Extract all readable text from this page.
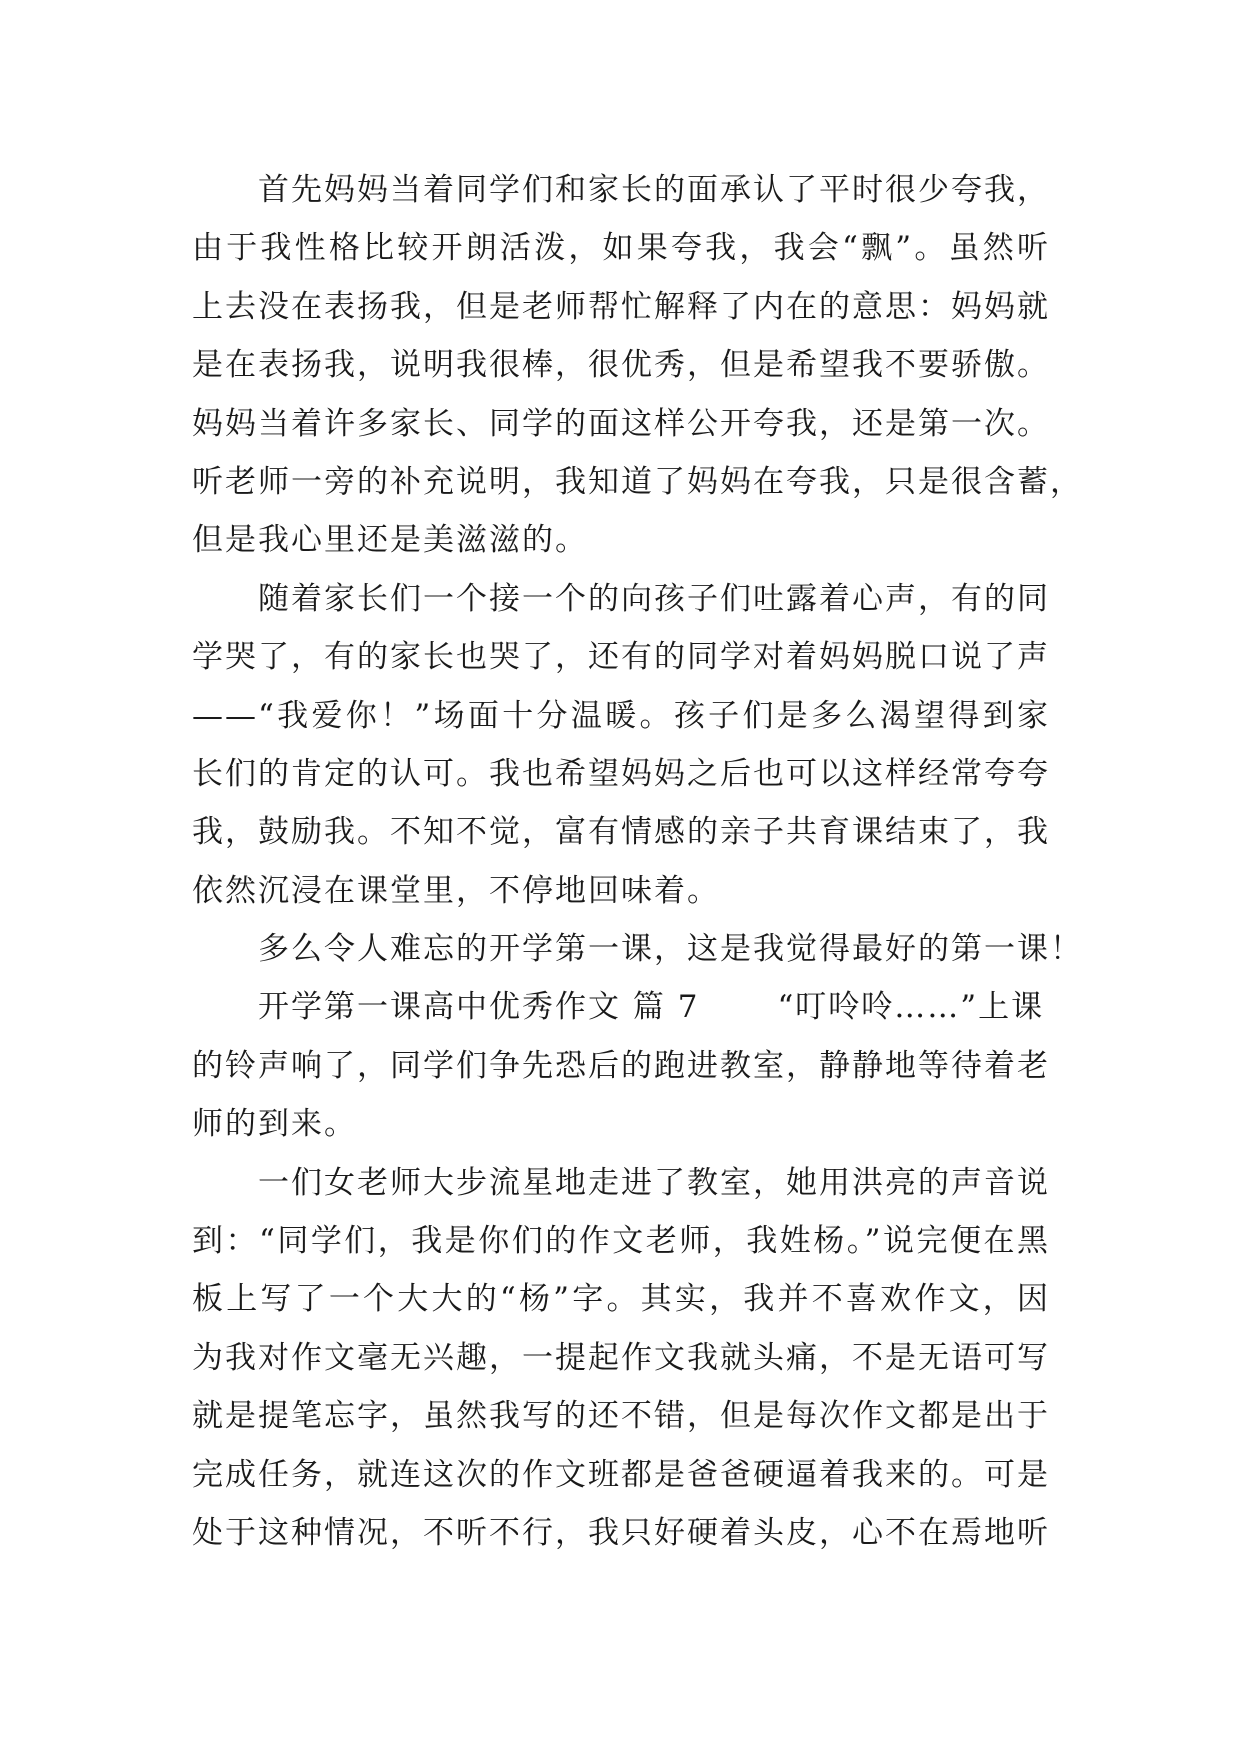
首先妈妈当着同学们和家长的面承认了平时很少夸我，
由于我性格比较开朗活泼，如果夸我，我会“飘”。虽然听
上去没在表扬我，但是老师帮忙解释了内在的意思：妈妈就
是在表扬我，说明我很棒，很优秀，但是希望我不要骄傲。
妈妈当着许多家长、同学的面这样公开夸我，还是第一次。
听老师一旁的补充说明，我知道了妈妈在夸我，只是很含蓄，
但是我心里还是美滋滋的。
随着家长们一个接一个的向孩子们吐露着心声，有的同
学哭了，有的家长也哭了，还有的同学对着妈妈脱口说了声
——“我爱你！”场面十分温暖。孩子们是多么渴望得到家
长们的肯定的认可。我也希望妈妈之后也可以这样经常夸夸
我，鼓励我。不知不觉，富有情感的亲子共育课结束了，我
依然沉浸在课堂里，不停地回味着。
多么令人难忘的开学第一课，这是我觉得最好的第一课！
开学第一课高中优秀作文 篇 7	“叮呤呤……”上课
的铃声响了，同学们争先恐后的跑进教室，静静地等待着老
师的到来。
一们女老师大步流星地走进了教室，她用洪亮的声音说
到：“同学们，我是你们的作文老师，我姓杨。”说完便在黑
板上写了一个大大的“杨”字。其实，我并不喜欢作文，因
为我对作文毫无兴趣，一提起作文我就头痛，不是无语可写
就是提笔忘字，虽然我写的还不错，但是每次作文都是出于
完成任务，就连这次的作文班都是爸爸硬逼着我来的。可是
处于这种情况，不听不行，我只好硬着头皮，心不在焉地听
